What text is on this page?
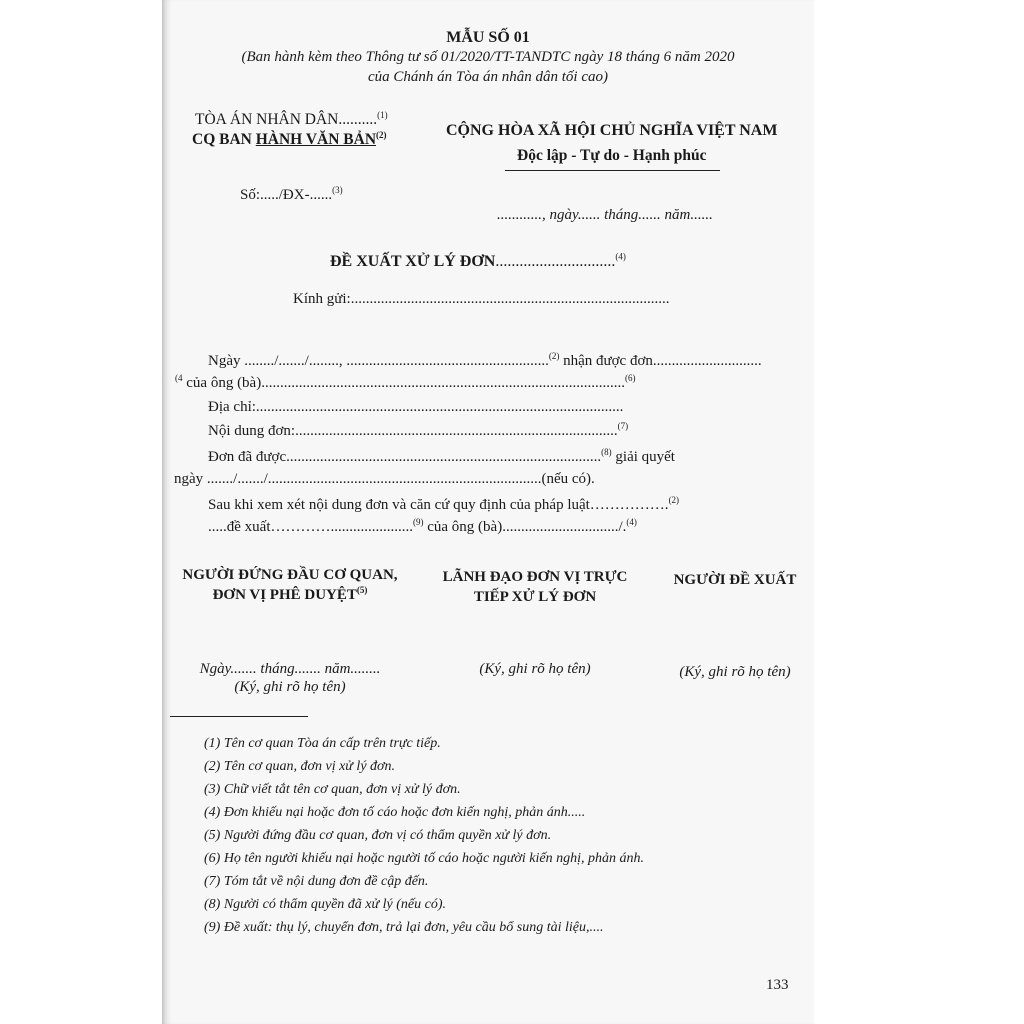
MẪU SỐ 01
(Ban hành kèm theo Thông tư số 01/2020/TT-TANDTC ngày 18 tháng 6 năm 2020
của Chánh án Tòa án nhân dân tối cao)
TÒA ÁN NHÂN DÂN..........$^{(1)}$
CQ BAN HÀNH VĂN BẢN$^{(2)}$
Số:...../ĐX-......$^{(3)}$
CỘNG HÒA XÃ HỘI CHỦ NGHĨA VIỆT NAM
Độc lập - Tự do - Hạnh phúc
............, ngày...... tháng...... năm......
ĐỀ XUẤT XỬ LÝ ĐƠN..............................$^{(4)}$
Kính gửi:.....................................................................................
Ngày ......../......./........, ......................................................$^{(2)}$ nhận được đơn.............................
$^{(4}$ của ông (bà).................................................................................................$^{(6)}$
Địa chỉ:..................................................................................................
Nội dung đơn:......................................................................................$^{(7)}$
Đơn đã được....................................................................................$^{(8)}$ giải quyết
ngày ......./......./.........................................................................(nếu có).
Sau khi xem xét nội dung đơn và căn cứ quy định của pháp luật…………….$^{(2)}$
.....đề xuất…………......................$^{(9)}$ của ông (bà).............................../.$^{(4)}$
NGƯỜI ĐỨNG ĐẦU CƠ QUAN,
ĐƠN VỊ PHÊ DUYỆT$^{(5)}$
LÃNH ĐẠO ĐƠN VỊ TRỰC
TIẾP XỬ LÝ ĐƠN
NGƯỜI ĐỀ XUẤT
Ngày....... tháng....... năm........
(Ký, ghi rõ họ tên)
(Ký, ghi rõ họ tên)	(Ký, ghi rõ họ tên)
(1) Tên cơ quan Tòa án cấp trên trực tiếp.
(2) Tên cơ quan, đơn vị xử lý đơn.
(3) Chữ viết tắt tên cơ quan, đơn vị xử lý đơn.
(4) Đơn khiếu nại hoặc đơn tố cáo hoặc đơn kiến nghị, phản ánh.....
(5) Người đứng đầu cơ quan, đơn vị có thẩm quyền xử lý đơn.
(6) Họ tên người khiếu nại hoặc người tố cáo hoặc người kiến nghị, phản ánh.
(7) Tóm tắt về nội dung đơn đề cập đến.
(8) Người có thẩm quyền đã xử lý (nếu có).
(9) Đề xuất: thụ lý, chuyển đơn, trả lại đơn, yêu cầu bổ sung tài liệu,....
133
